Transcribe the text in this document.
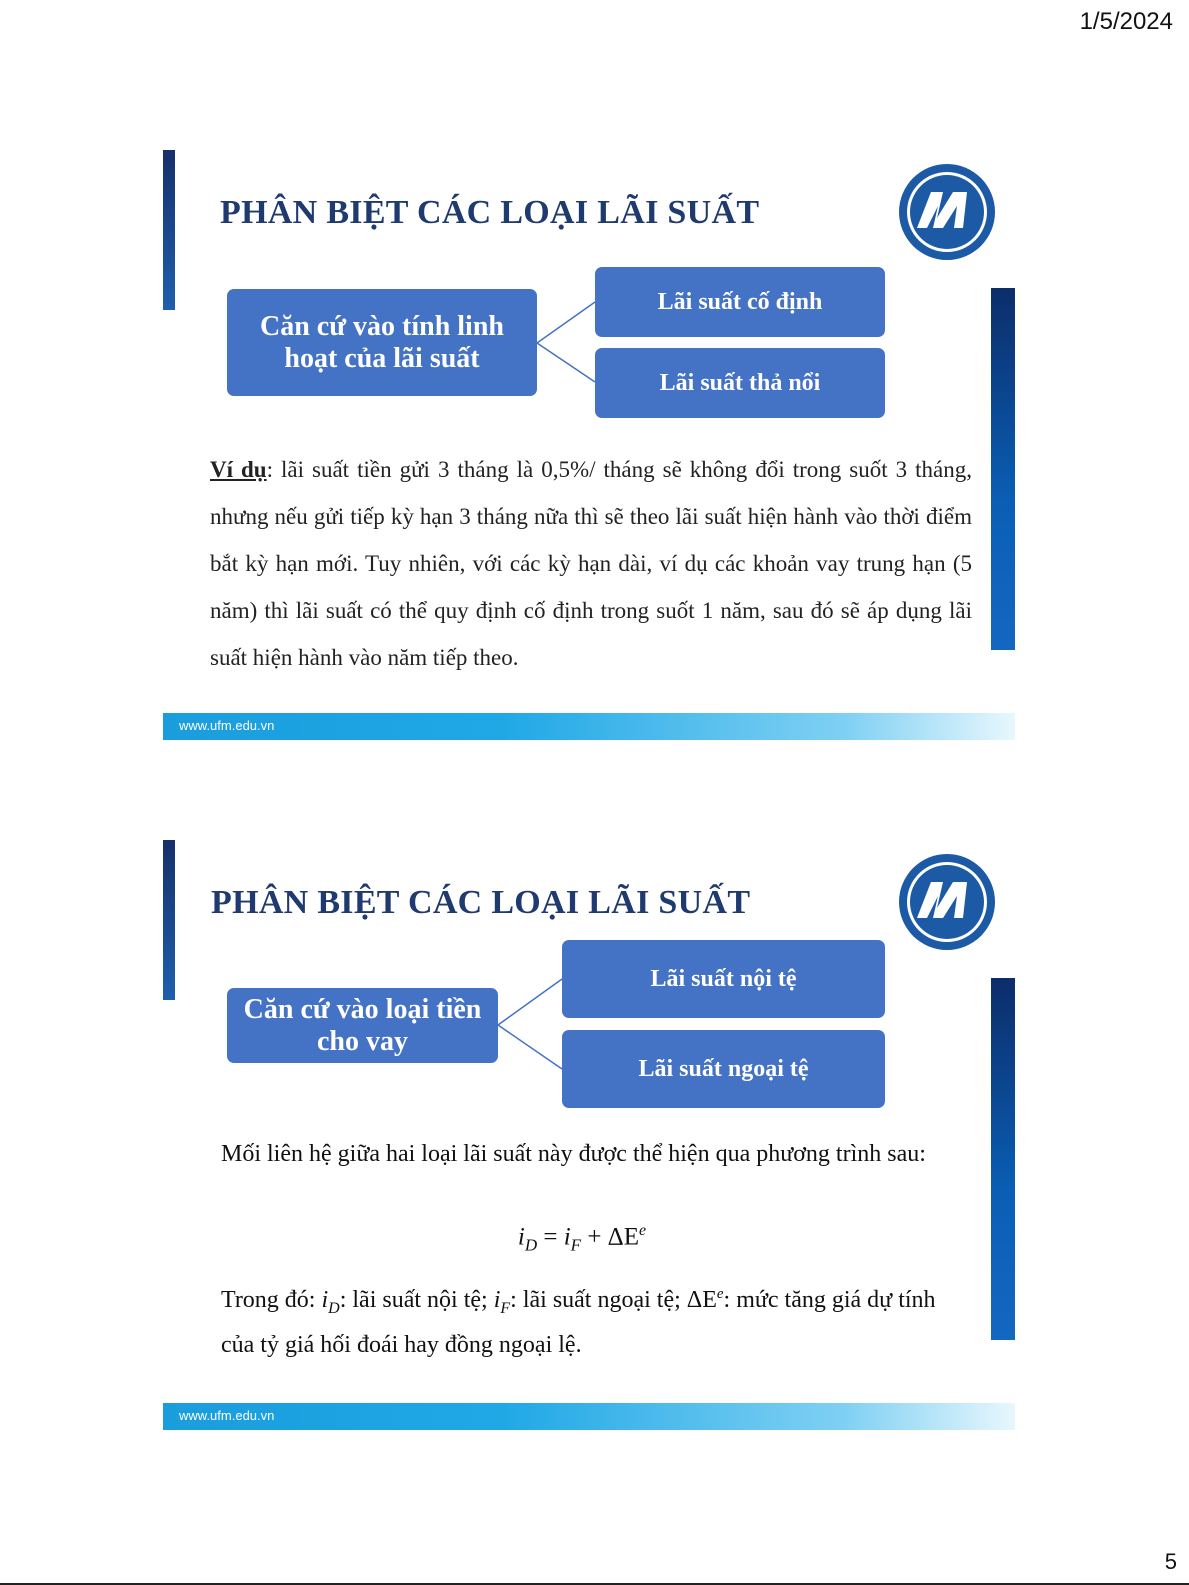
1/5/2024
PHÂN BIỆT CÁC LOẠI LÃI SUẤT
Căn cứ vào tính linh hoạt của lãi suất
Lãi suất cố định
Lãi suất thả nổi
Ví dụ: lãi suất tiền gửi 3 tháng là 0,5%/ tháng sẽ không đổi trong suốt 3 tháng, nhưng nếu gửi tiếp kỳ hạn 3 tháng nữa thì sẽ theo lãi suất hiện hành vào thời điểm bắt kỳ hạn mới. Tuy nhiên, với các kỳ hạn dài, ví dụ các khoản vay trung hạn (5 năm) thì lãi suất có thể quy định cố định trong suốt 1 năm, sau đó sẽ áp dụng lãi suất hiện hành vào năm tiếp theo.
www.ufm.edu.vn
PHÂN BIỆT CÁC LOẠI LÃI SUẤT
Căn cứ vào loại tiền cho vay
Lãi suất nội tệ
Lãi suất ngoại tệ
Mối liên hệ giữa hai loại lãi suất này được thể hiện qua phương trình sau:
$i_D = i_F + \Delta E^e$
Trong đó: $i_D$: lãi suất nội tệ; $i_F$: lãi suất ngoại tệ; $\Delta E^e$: mức tăng giá dự tính của tỷ giá hối đoái hay đồng ngoại lệ.
www.ufm.edu.vn
5
